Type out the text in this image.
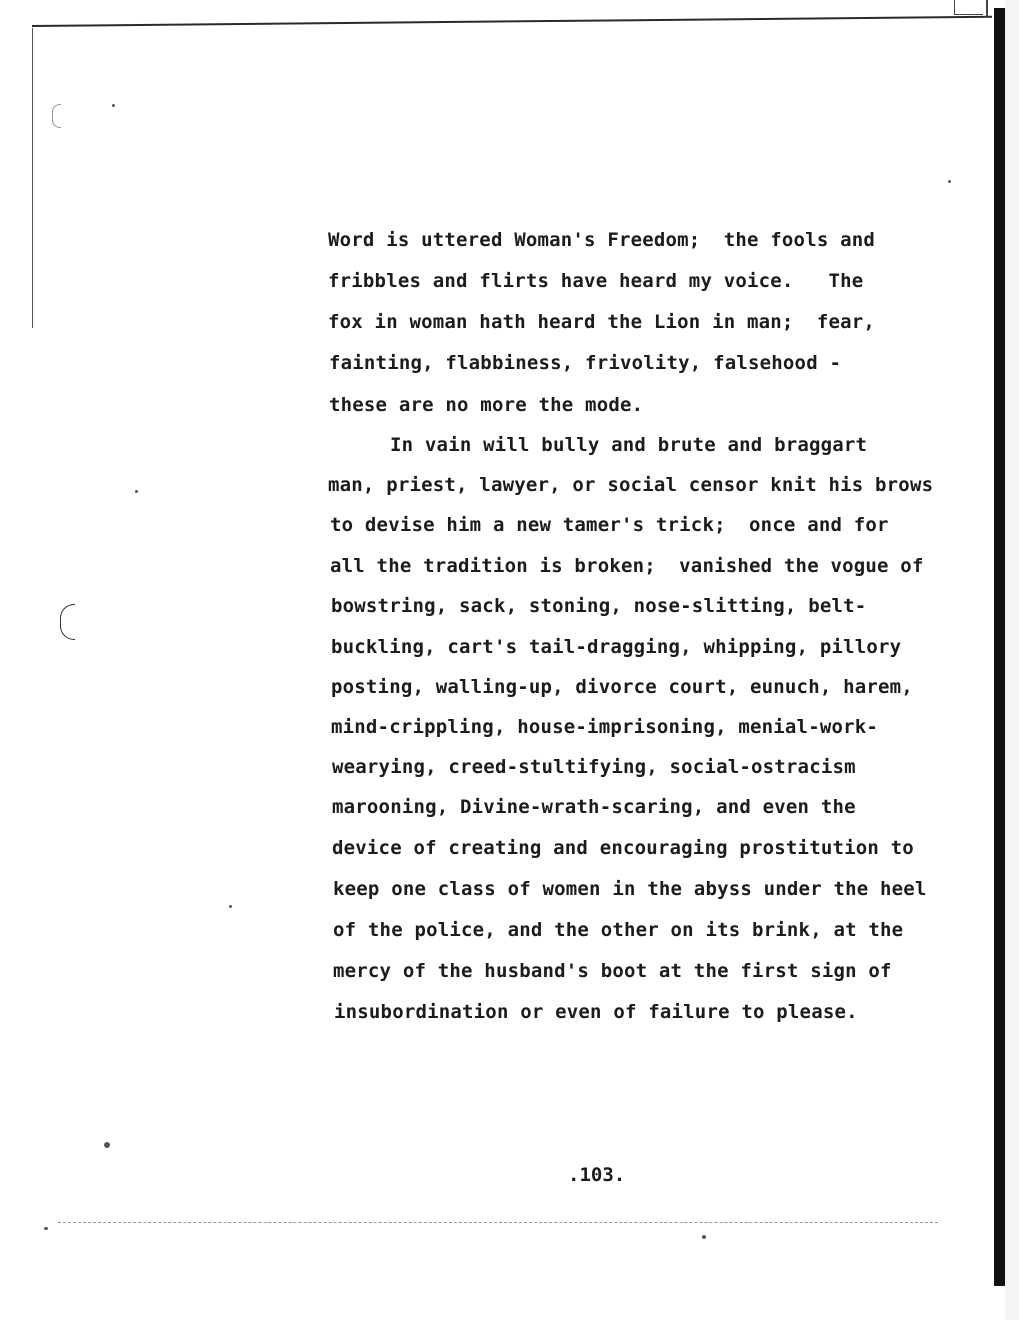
Word is uttered Woman's Freedom;  the fools and

fribbles and flirts have heard my voice.   The

fox in woman hath heard the Lion in man;  fear,

fainting, flabbiness, frivolity, falsehood -

these are no more the mode.

In vain will bully and brute and braggart

man, priest, lawyer, or social censor knit his brows

to devise him a new tamer's trick;  once and for

all the tradition is broken;  vanished the vogue of

bowstring, sack, stoning, nose-slitting, belt-

buckling, cart's tail-dragging, whipping, pillory

posting, walling-up, divorce court, eunuch, harem,

mind-crippling, house-imprisoning, menial-work-

wearying, creed-stultifying, social-ostracism

marooning, Divine-wrath-scaring, and even the

device of creating and encouraging prostitution to

keep one class of women in the abyss under the heel

of the police, and the other on its brink, at the

mercy of the husband's boot at the first sign of

insubordination or even of failure to please.

.103.
